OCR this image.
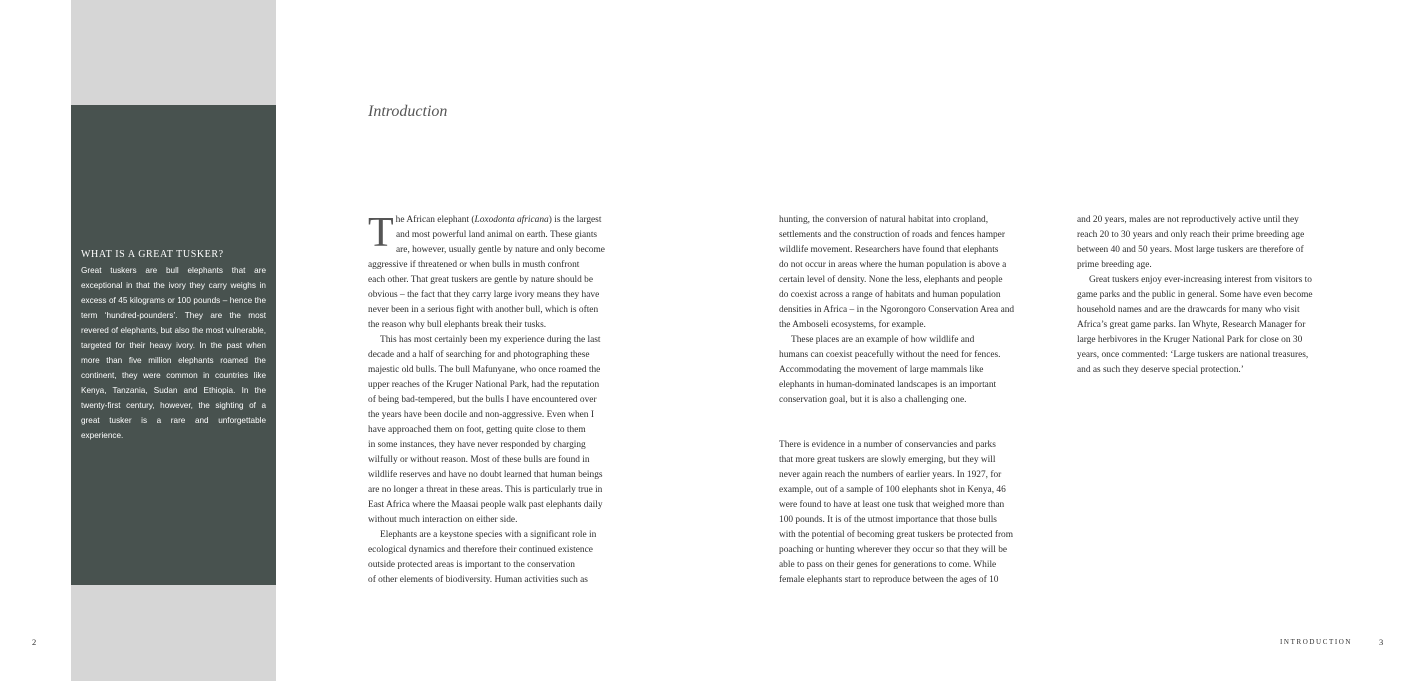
WHAT IS A GREAT TUSKER?

Great tuskers are bull elephants that are exceptional in that the ivory they carry weighs in excess of 45 kilograms or 100 pounds – hence the term ‘hundred-pounders’. They are the most revered of elephants, but also the most vulnerable, targeted for their heavy ivory. In the past when more than five million elephants roamed the continent, they were common in countries like Kenya, Tanzania, Sudan and Ethiopia. In the twenty-first century, however, the sighting of a great tusker is a rare and unforgettable experience.

Introduction
T he African elephant (Loxodonta africana) is the largest

and most powerful land animal on earth. These giants

are, however, usually gentle by nature and only become

aggressive if threatened or when bulls in musth confront

each other. That great tuskers are gentle by nature should be

obvious – the fact that they carry large ivory means they have

never been in a serious fight with another bull, which is often

the reason why bull elephants break their tusks.

This has most certainly been my experience during the last

decade and a half of searching for and photographing these

majestic old bulls. The bull Mafunyane, who once roamed the

upper reaches of the Kruger National Park, had the reputation

of being bad-tempered, but the bulls I have encountered over

the years have been docile and non-aggressive. Even when I

have approached them on foot, getting quite close to them

in some instances, they have never responded by charging

wilfully or without reason. Most of these bulls are found in

wildlife reserves and have no doubt learned that human beings

are no longer a threat in these areas. This is particularly true in

East Africa where the Maasai people walk past elephants daily

without much interaction on either side.

Elephants are a keystone species with a significant role in

ecological dynamics and therefore their continued existence

outside protected areas is important to the conservation

of other elements of biodiversity. Human activities such as

hunting, the conversion of natural habitat into cropland,

settlements and the construction of roads and fences hamper

wildlife movement. Researchers have found that elephants

do not occur in areas where the human population is above a

certain level of density. None the less, elephants and people

do coexist across a range of habitats and human population

densities in Africa – in the Ngorongoro Conservation Area and

the Amboseli ecosystems, for example.

These places are an example of how wildlife and

humans can coexist peacefully without the need for fences.

Accommodating the movement of large mammals like

elephants in human-dominated landscapes is an important

conservation goal, but it is also a challenging one.

There is evidence in a number of conservancies and parks

that more great tuskers are slowly emerging, but they will

never again reach the numbers of earlier years. In 1927, for

example, out of a sample of 100 elephants shot in Kenya, 46

were found to have at least one tusk that weighed more than

100 pounds. It is of the utmost importance that those bulls

with the potential of becoming great tuskers be protected from

poaching or hunting wherever they occur so that they will be

able to pass on their genes for generations to come. While

female elephants start to reproduce between the ages of 10

and 20 years, males are not reproductively active until they

reach 20 to 30 years and only reach their prime breeding age

between 40 and 50 years. Most large tuskers are therefore of

prime breeding age.

Great tuskers enjoy ever-increasing interest from visitors to

game parks and the public in general. Some have even become

household names and are the drawcards for many who visit

Africa’s great game parks. Ian Whyte, Research Manager for

large herbivores in the Kruger National Park for close on 30

years, once commented: ‘Large tuskers are national treasures,

and as such they deserve special protection.’

2	INTRODUCTION	3
